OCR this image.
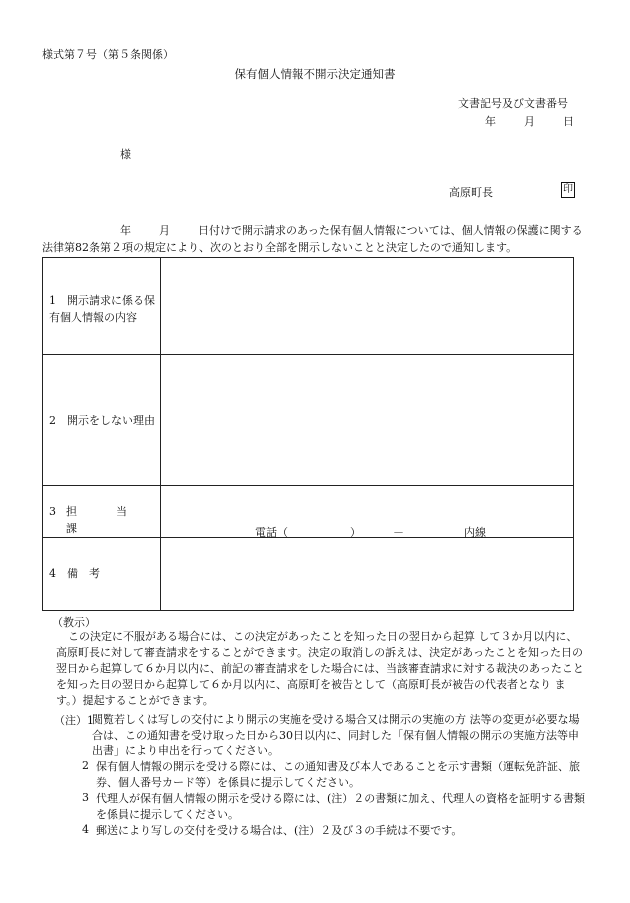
様式第７号（第５条関係）
保有個人情報不開示決定通知書
文書記号及び文書番号
年	月	日
様
高原町長	印
年	月	日付けで開示請求のあった保有個人情報については、個人情報の保護に関する法律第82条第２項の規定により、次のとおり全部を開示しないことと決定したので通知します。
1　 開示請求に係る保有個人情報の内容
2　 開示をしない理由
3 担　当　課	電話（	）	－	内線
4　 備　考
（教示）
この決定に不服がある場合には、この決定があったことを知った日の翌日から起算 して３か月以内に、高原町長に対して審査請求をすることができます。決定の取消しの訴えは、決定があったことを知った日の翌日から起算して６か月以内に、前記の審査請求をした場合には、当該審査請求に対する裁決のあったことを知った日の翌日から起算して６か月以内に、高原町を被告として（高原町長が被告の代表者となり ます。）提起することができます。
（注）1
閲覧若しくは写しの交付により開示の実施を受ける場合又は開示の実施の方 法等の変更が必要な場合は、この通知書を受け取った日から30日以内に、同封した「保有個人情報の開示の実施方法等申出書」により申出を行ってください。
2 保有個人情報の開示を受ける際には、この通知書及び本人であることを示す書類（運転免許証、旅券、個人番号カード等）を係員に提示してください。
3 代理人が保有個人情報の開示を受ける際には、(注）２の書類に加え、代理人の資格を証明する書類を係員に提示してください。
4 郵送により写しの交付を受ける場合は、(注）２及び３の手続は不要です。
